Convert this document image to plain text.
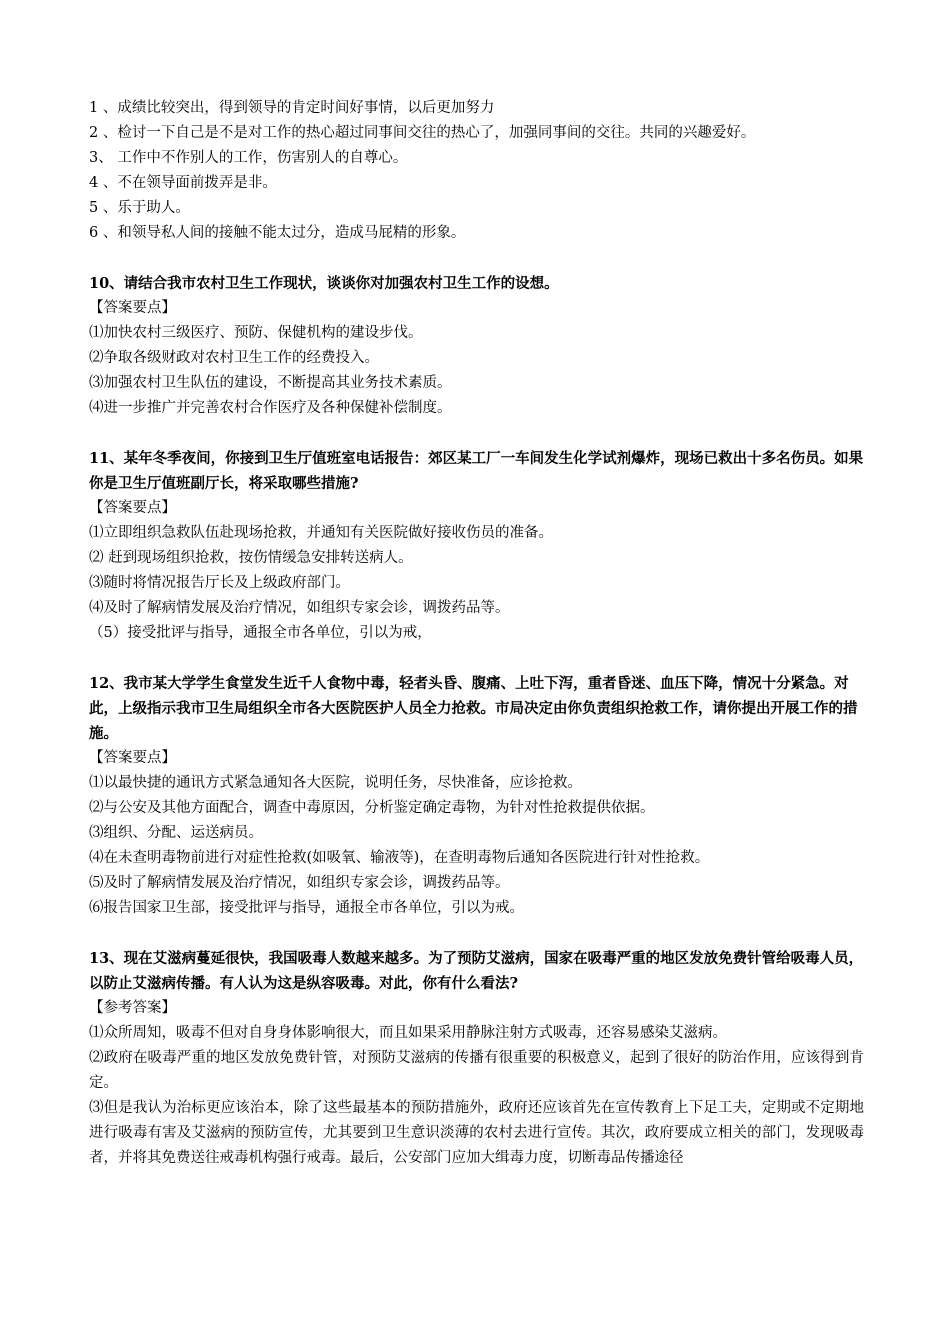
1 、成绩比较突出，得到领导的肯定时间好事情，以后更加努力
2 、检讨一下自己是不是对工作的热心超过同事间交往的热心了，加强同事间的交往。共同的兴趣爱好。
3、 工作中不作别人的工作，伤害别人的自尊心。
4 、不在领导面前拨弄是非。
5 、乐于助人。
6 、和领导私人间的接触不能太过分，造成马屁精的形象。
10、请结合我市农村卫生工作现状，谈谈你对加强农村卫生工作的设想。
【答案要点】
⑴加快农村三级医疗、预防、保健机构的建设步伐。
⑵争取各级财政对农村卫生工作的经费投入。
⑶加强农村卫生队伍的建设，不断提高其业务技术素质。
⑷进一步推广并完善农村合作医疗及各种保健补偿制度。
11、某年冬季夜间，你接到卫生厅值班室电话报告：郊区某工厂一车间发生化学试剂爆炸，现场已救出十多名伤员。如果你是卫生厅值班副厅长，将采取哪些措施?
【答案要点】
⑴立即组织急救队伍赴现场抢救，并通知有关医院做好接收伤员的准备。
⑵ 赶到现场组织抢救，按伤情缓急安排转送病人。
⑶随时将情况报告厅长及上级政府部门。
⑷及时了解病情发展及治疗情况，如组织专家会诊，调拨药品等。
（5）接受批评与指导，通报全市各单位，引以为戒，
12、我市某大学学生食堂发生近千人食物中毒，轻者头昏、腹痛、上吐下泻，重者昏迷、血压下降，情况十分紧急。对此，上级指示我市卫生局组织全市各大医院医护人员全力抢救。市局决定由你负责组织抢救工作，请你提出开展工作的措施。
【答案要点】
⑴以最快捷的通讯方式紧急通知各大医院，说明任务，尽快准备，应诊抢救。
⑵与公安及其他方面配合，调查中毒原因，分析鉴定确定毒物，为针对性抢救提供依据。
⑶组织、分配、运送病员。
⑷在未查明毒物前进行对症性抢救(如吸氧、输液等)，在查明毒物后通知各医院进行针对性抢救。
⑸及时了解病情发展及治疗情况，如组织专家会诊，调拨药品等。
⑹报告国家卫生部，接受批评与指导，通报全市各单位，引以为戒。
13、现在艾滋病蔓延很快，我国吸毒人数越来越多。为了预防艾滋病，国家在吸毒严重的地区发放免费针管给吸毒人员，以防止艾滋病传播。有人认为这是纵容吸毒。对此，你有什么看法?
【参考答案】
⑴众所周知，吸毒不但对自身身体影响很大，而且如果采用静脉注射方式吸毒，还容易感染艾滋病。
⑵政府在吸毒严重的地区发放免费针管，对预防艾滋病的传播有很重要的积极意义，起到了很好的防治作用，应该得到肯定。
⑶但是我认为治标更应该治本，除了这些最基本的预防措施外，政府还应该首先在宣传教育上下足工夫，定期或不定期地进行吸毒有害及艾滋病的预防宣传，尤其要到卫生意识淡薄的农村去进行宣传。其次，政府要成立相关的部门，发现吸毒者，并将其免费送往戒毒机构强行戒毒。最后，公安部门应加大缉毒力度，切断毒品传播途径
